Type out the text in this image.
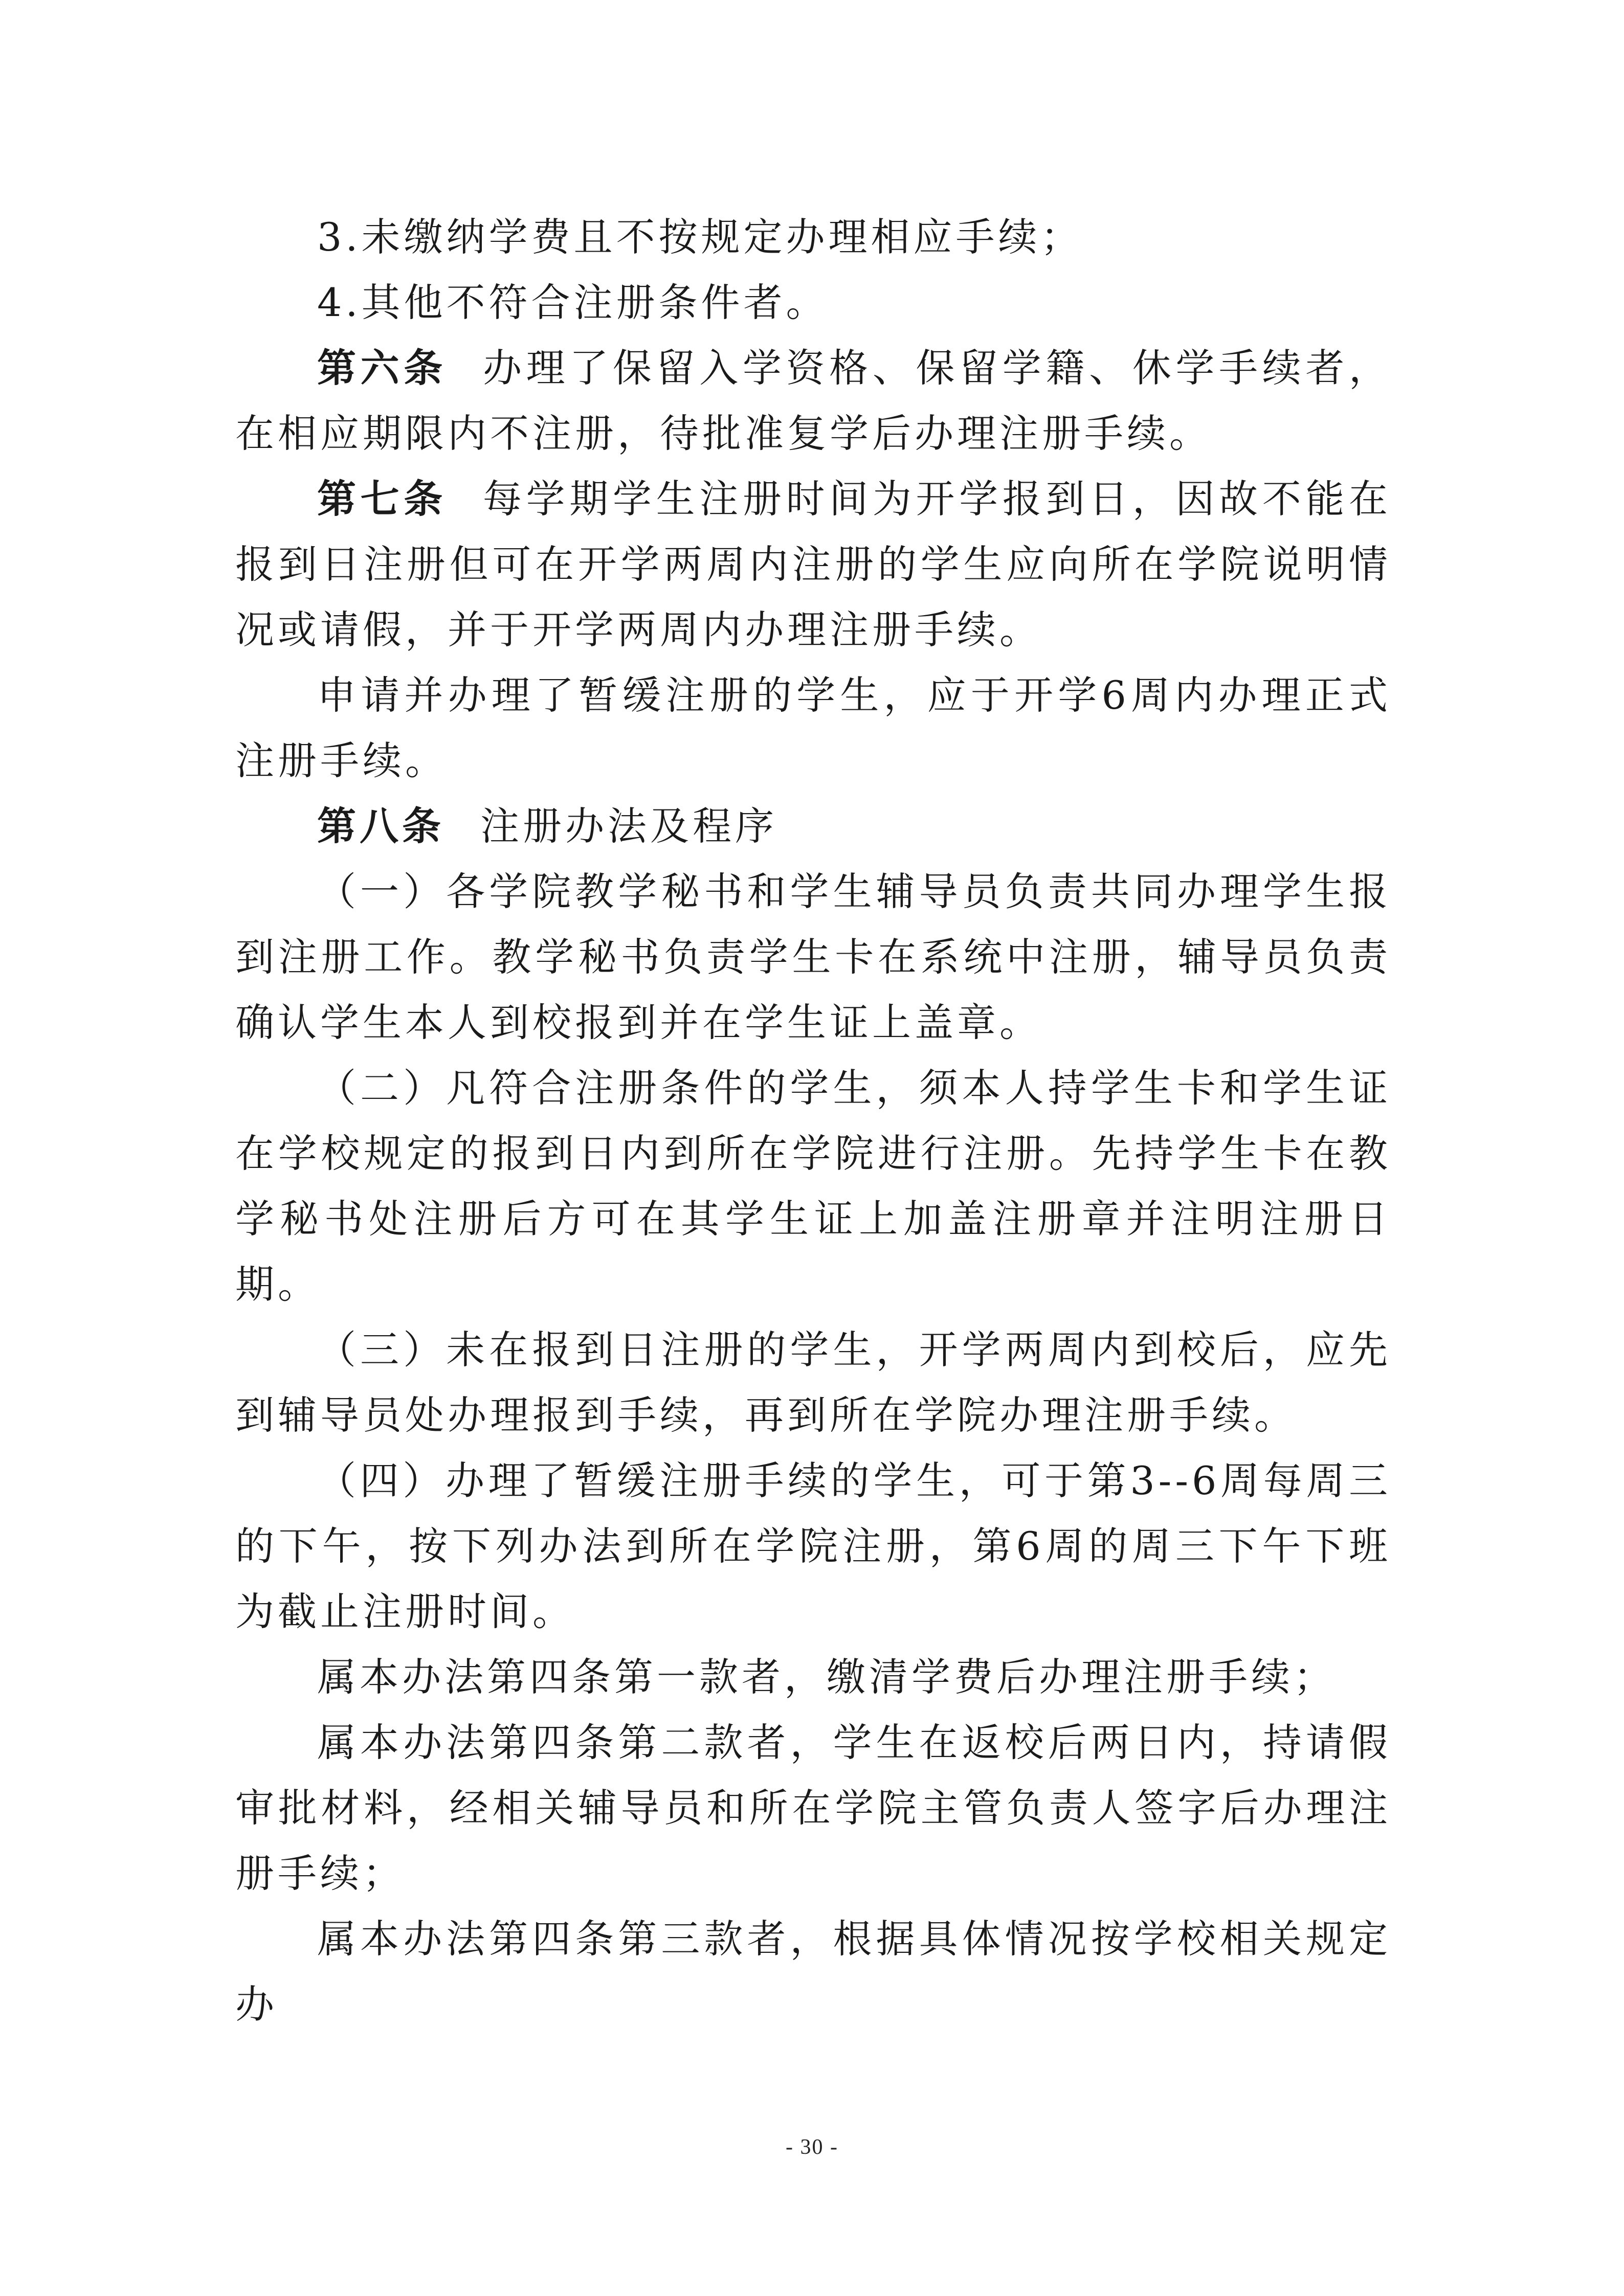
3.未缴纳学费且不按规定办理相应手续；

4.其他不符合注册条件者。

第六条 办理了保留入学资格、保留学籍、休学手续者，在相应期限内不注册，待批准复学后办理注册手续。

第七条 每学期学生注册时间为开学报到日，因故不能在报到日注册但可在开学两周内注册的学生应向所在学院说明情况或请假，并于开学两周内办理注册手续。

申请并办理了暂缓注册的学生，应于开学6周内办理正式注册手续。

第八条 注册办法及程序

（一）各学院教学秘书和学生辅导员负责共同办理学生报到注册工作。教学秘书负责学生卡在系统中注册，辅导员负责确认学生本人到校报到并在学生证上盖章。

（二）凡符合注册条件的学生，须本人持学生卡和学生证在学校规定的报到日内到所在学院进行注册。先持学生卡在教学秘书处注册后方可在其学生证上加盖注册章并注明注册日期。

（三）未在报到日注册的学生，开学两周内到校后，应先到辅导员处办理报到手续，再到所在学院办理注册手续。

（四）办理了暂缓注册手续的学生，可于第3--6周每周三的下午，按下列办法到所在学院注册，第6周的周三下午下班为截止注册时间。

属本办法第四条第一款者，缴清学费后办理注册手续；

属本办法第四条第二款者，学生在返校后两日内，持请假审批材料，经相关辅导员和所在学院主管负责人签字后办理注册手续；

属本办法第四条第三款者，根据具体情况按学校相关规定办

- 30 -
